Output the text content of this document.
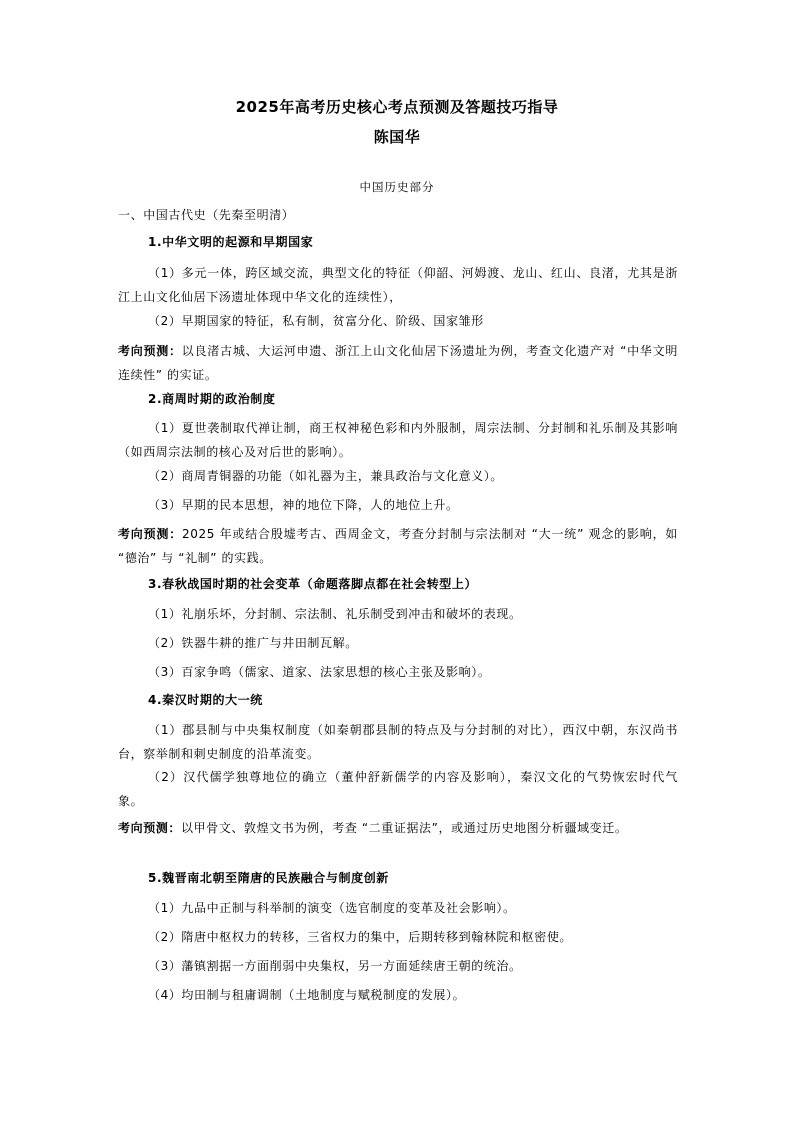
2025年高考历史核心考点预测及答题技巧指导
陈国华
中国历史部分
一、中国古代史（先秦至明清）
1.中华文明的起源和早期国家
（1）多元一体，跨区域交流，典型文化的特征（仰韶、河姆渡、龙山、红山、良渚，尤其是浙江上山文化仙居下汤遗址体现中华文化的连续性），
（2）早期国家的特征，私有制，贫富分化、阶级、国家雏形
考向预测：以良渚古城、大运河申遗、浙江上山文化仙居下汤遗址为例，考查文化遗产对 “中华文明连续性” 的实证。
2.商周时期的政治制度
（1）夏世袭制取代禅让制，商王权神秘色彩和内外服制，周宗法制、分封制和礼乐制及其影响（如西周宗法制的核心及对后世的影响）。
（2）商周青铜器的功能（如礼器为主，兼具政治与文化意义）。
（3）早期的民本思想，神的地位下降，人的地位上升。
考向预测：2025 年或结合殷墟考古、西周金文，考查分封制与宗法制对 “大一统” 观念的影响，如 “德治” 与 “礼制” 的实践。
3.春秋战国时期的社会变革（命题落脚点都在社会转型上）
（1）礼崩乐坏，分封制、宗法制、礼乐制受到冲击和破坏的表现。
（2）铁器牛耕的推广与井田制瓦解。
（3）百家争鸣（儒家、道家、法家思想的核心主张及影响）。
4.秦汉时期的大一统
（1）郡县制与中央集权制度（如秦朝郡县制的特点及与分封制的对比），西汉中朝，东汉尚书台，察举制和刺史制度的沿革流变。
（2）汉代儒学独尊地位的确立（董仲舒新儒学的内容及影响），秦汉文化的气势恢宏时代气象。
考向预测：以甲骨文、敦煌文书为例，考查 “二重证据法”，或通过历史地图分析疆域变迁。
5.魏晋南北朝至隋唐的民族融合与制度创新
（1）九品中正制与科举制的演变（选官制度的变革及社会影响）。
（2）隋唐中枢权力的转移，三省权力的集中，后期转移到翰林院和枢密使。
（3）藩镇割据一方面削弱中央集权，另一方面延续唐王朝的统治。
（4）均田制与租庸调制（土地制度与赋税制度的发展）。
